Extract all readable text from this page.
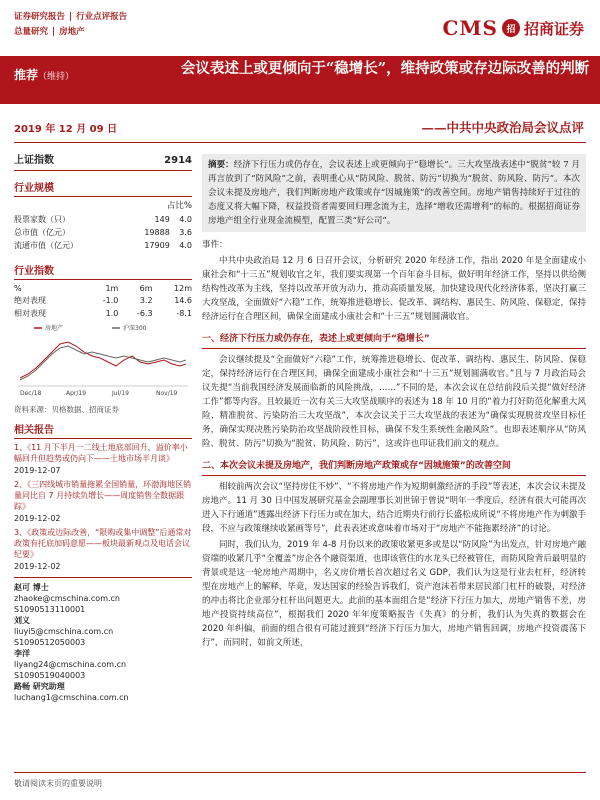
证券研究报告 | 行业点评报告
总量研究 | 房地产	CMS 招 招商证券
推荐（维持）	会议表述上或更倾向于“稳增长”，维持政策或存边际改善的判断
2019 年 12 月 09 日	——中共中央政治局会议点评
上证指数	2914
行业规模
占比%
股票家数（只）	149	4.0
总市值（亿元）	19888	3.6
流通市值（亿元）	17909	4.0
行业指数
%	1m	6m	12m
绝对表现	-1.0	3.2	14.6
相对表现	1.0	-6.3	-8.1
房地产	沪深300
Dec/18	Apr/19	Jul/19	Nov/19
资料来源：贝格数据、招商证券
相关报告
1、《11 月下半月一二线土地底部回升，溢价率小幅回升但趋势或仍向下——土地市场半月谈》
2019-12-07
2、《三四线城市销量拖累全国销量，环渤海地区销量同比自 7 月持续负增长——周度销售全数据跟踪》
2019-12-02
3、《政策或边际改善，“限购或集中调整”后通常对政策有托底加码意愿——板块最新观点及电话会议纪要》
2019-12-02
赵可 博士
zhaoke@cmschina.com.cn
S1090513110001
刘义
liuyi5@cmschina.com.cn
S1090512050003
李洋
liyang24@cmschina.com.cn
S1090519040003
路畅 研究助理
luchang1@cmschina.com.cn
摘要：经济下行压力或仍存在，会议表述上或更倾向于“稳增长”。三大攻坚战表述中“脱贫”较 7 月再言放到了“防风险”之前，表明重心从“防风险、脱贫、防污”切换为“脱贫、防风险、防污”。本次会议未提及房地产，我们判断房地产政策或存“因城施策”的改善空间。房地产销售持续好于过往的态度又将大幅下降，权益投资者需要回归理念流为主，选择“增收还需增利”的标的。根据招商证券房地产组全行业现金流模型，配置三类“好公司”。
事件：

中共中央政治局 12 月 6 日召开会议，分析研究 2020 年经济工作，指出 2020 年是全面建成小康社会和“十三五”规划收官之年，我们要实现第一个百年奋斗目标，做好明年经济工作，坚持以供给侧结构性改革为主线，坚持以改革开放为动力，推动高质量发展，加快建设现代化经济体系，坚决打赢三大攻坚战，全面做好“六稳”工作，统筹推进稳增长、促改革、调结构、惠民生、防风险、保稳定，保持经济运行在合理区间，确保全面建成小康社会和“十三五”规划圆满收官。

一、经济下行压力或仍存在，表述上或更倾向于“稳增长”

会议继续提及“全面做好“六稳”工作，统筹推进稳增长、促改革、调结构、惠民生、防风险、保稳定，保持经济运行在合理区间，确保全面建成小康社会和“十三五”规划圆满收官。”且与 7 月政治局会议先提“当前我国经济发展面临新的风险挑战，……”不同的是，本次会议在总结前段后关提“做好经济工作”都等内容。且较最近一次有关三大攻坚战顺序的表述为 18 年 10 月的“着力打好防范化解重大风险、精准脱贫、污染防治三大攻坚战”，本次会议关于三大攻坚战的表述为“确保实现脱贫攻坚目标任务，确保实现决胜污染防治攻坚战阶段性目标，确保不发生系统性金融风险”。也即表述顺序从“防风险、脱贫、防污”切换为“脱贫、防风险、防污”，这或许也印证我们前文的观点。

二、本次会议未提及房地产，我们判断房地产政策或存“因城施策”的改善空间

相较前两次会议“坚持房住不炒”、“不将房地产作为短期刺激经济的手段”等表述，本次会议未提及房地产。11 月 30 日中国发展研究基金会副理事长刘世锦于曾说“明年一季度后，经济有很大可能再次进入下行通道”透露出经济下行压力或在加大，结合近期央行前行长盛松成所说“不将房地产作为刺激手段，不应与政策继续收紧画等号”，此表表述或意味着市场对于“房地产不能拖累经济”的讨论。

同时，我们认为，2019 年 4-8 月份以来的政策收紧更多或是以“防风险”为出发点，针对房地产融资端的收紧几乎“全覆盖”房企各个融资渠道，也即该管住的水龙头已经被管住，而防风险背后最明显的背景或是这一轮房地产周期中，名义房价增长首次超过名义 GDP，我们认为这是行业去杠杆，经济转型在房地产上的解释，毕竟，发达国家的经验告诉我们，资产泡沫若带来居民部门杠杆的破裂，对经济的冲击将比企业部分杠杆出问题更大。此前的基本面组合是“经济下行压力加大，房地产销售不差，房地产投资持续高位”，根据我们 2020 年年度策略报告《失真》的分析，我们认为失真的数据会在 2020 年纠偏，前面的组合很有可能过渡到“经济下行压力加大，房地产销售回调，房地产投资震荡下行”，而同时，如前文所述，

敬请阅读末页的重要说明
